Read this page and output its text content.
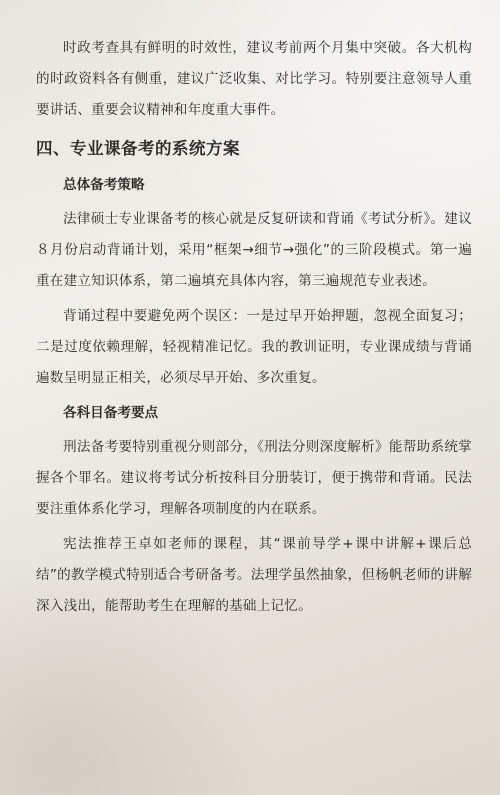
时政考查具有鲜明的时效性，建议考前两个月集中突破。各大机构的时政资料各有侧重，建议广泛收集、对比学习。特别要注意领导人重要讲话、重要会议精神和年度重大事件。

四、专业课备考的系统方案
总体备考策略

法律硕士专业课备考的核心就是反复研读和背诵《考试分析》。建议８月份启动背诵计划，采用“框架→细节→强化”的三阶段模式。第一遍重在建立知识体系，第二遍填充具体内容，第三遍规范专业表述。

背诵过程中要避免两个误区：一是过早开始押题，忽视全面复习；二是过度依赖理解，轻视精准记忆。我的教训证明，专业课成绩与背诵遍数呈明显正相关，必须尽早开始、多次重复。

各科目备考要点

刑法备考要特别重视分则部分，《刑法分则深度解析》能帮助系统掌握各个罪名。建议将考试分析按科目分册装订，便于携带和背诵。民法要注重体系化学习，理解各项制度的内在联系。

宪法推荐王卓如老师的课程，其“课前导学+课中讲解+课后总结”的教学模式特别适合考研备考。法理学虽然抽象，但杨帆老师的讲解深入浅出，能帮助考生在理解的基础上记忆。
